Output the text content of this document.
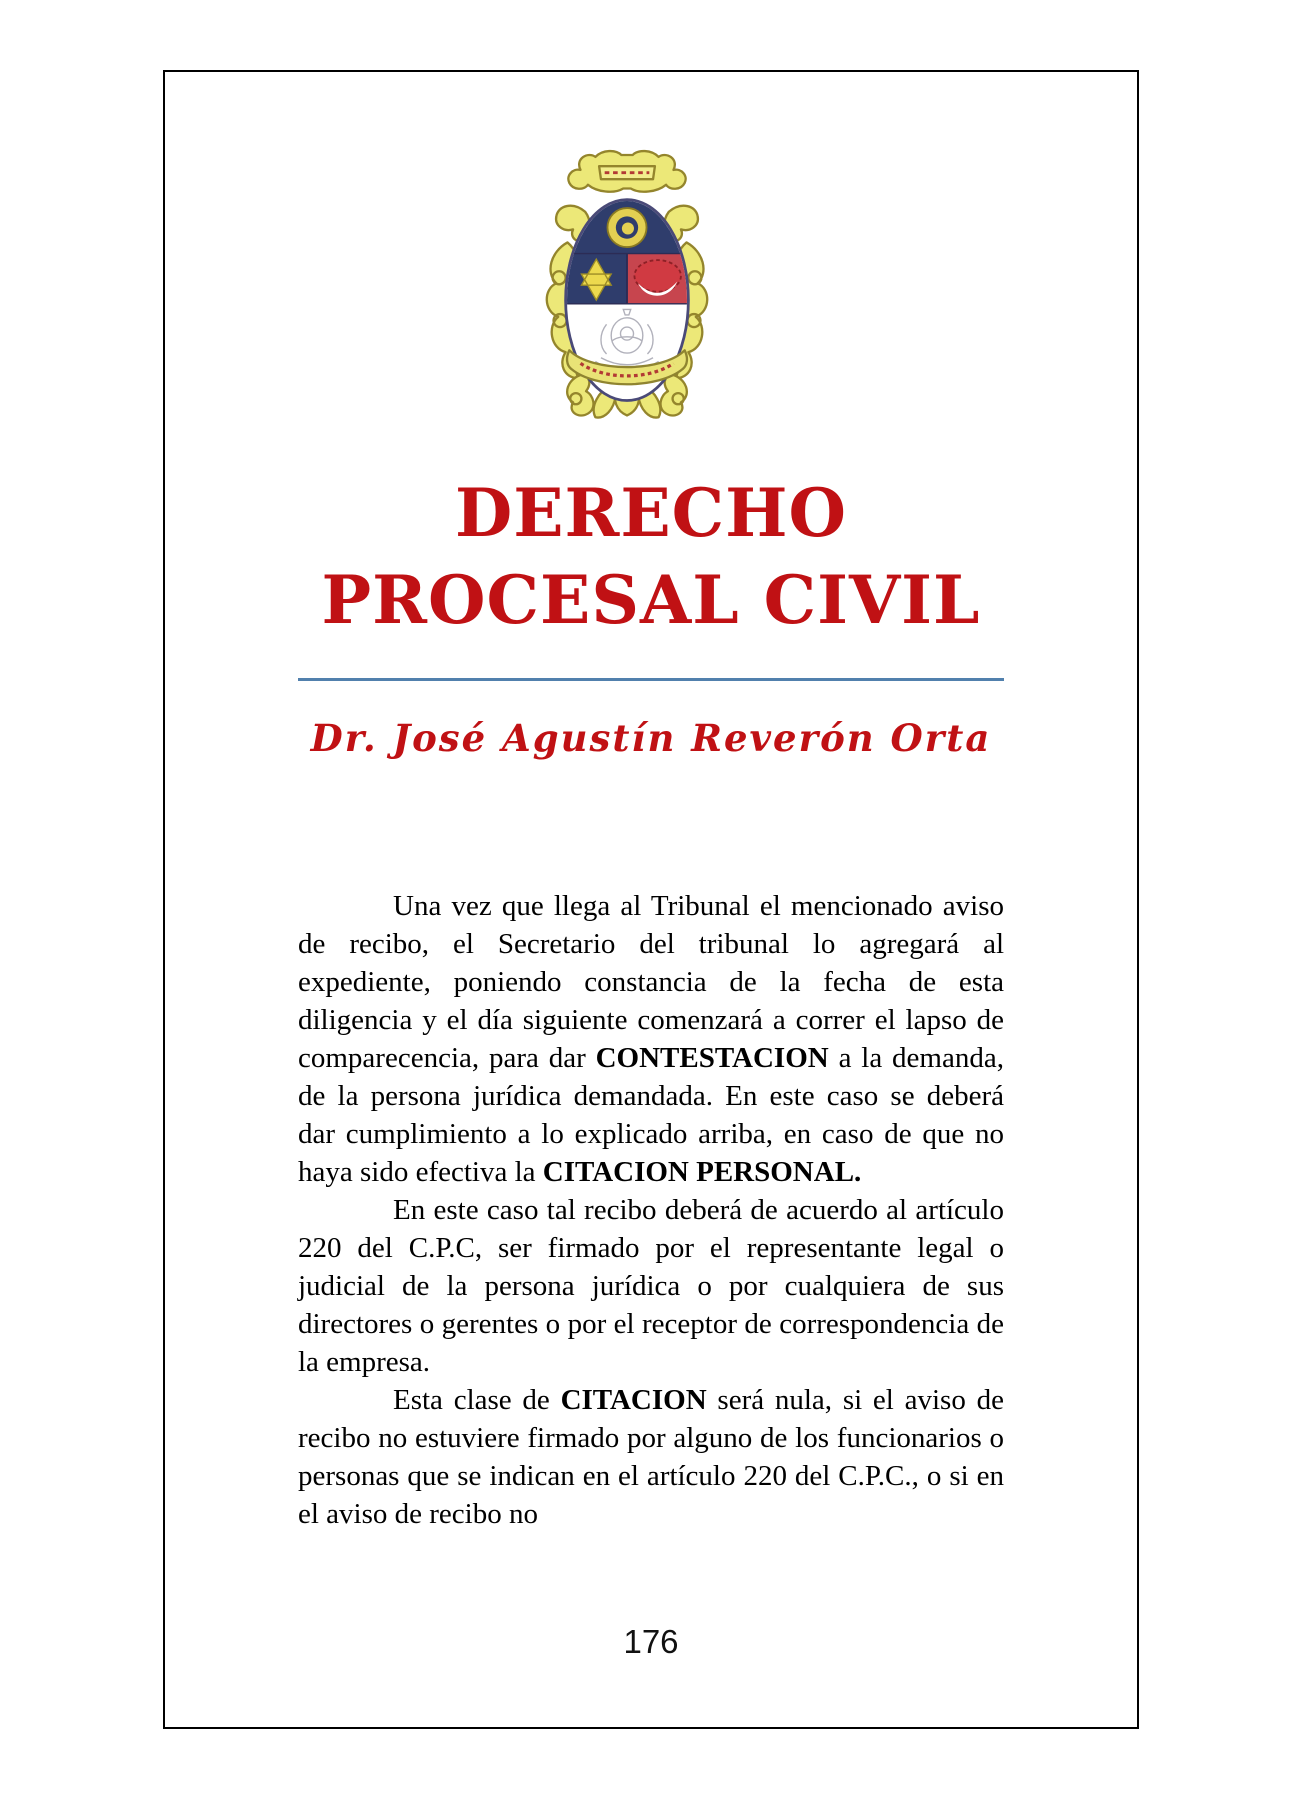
DERECHO
PROCESAL CIVIL
Dr. José Agustín Reverón Orta

Una vez que llega al Tribunal el mencionado aviso de recibo, el Secretario del tribunal lo agregará al expediente, poniendo constancia de la fecha de esta diligencia y el día siguiente comenzará a correr el lapso de comparecencia, para dar CONTESTACION a la demanda, de la persona jurídica demandada. En este caso se deberá dar cumplimiento a lo explicado arriba, en caso de que no haya sido efectiva la CITACION PERSONAL.

En este caso tal recibo deberá de acuerdo al artículo 220 del C.P.C, ser firmado por el representante legal o judicial de la persona jurídica o por cualquiera de sus directores o gerentes o por el receptor de correspondencia de la empresa.

Esta clase de CITACION será nula, si el aviso de recibo no estuviere firmado por alguno de los funcionarios o personas que se indican en el artículo 220 del C.P.C., o si en el aviso de recibo no

176
